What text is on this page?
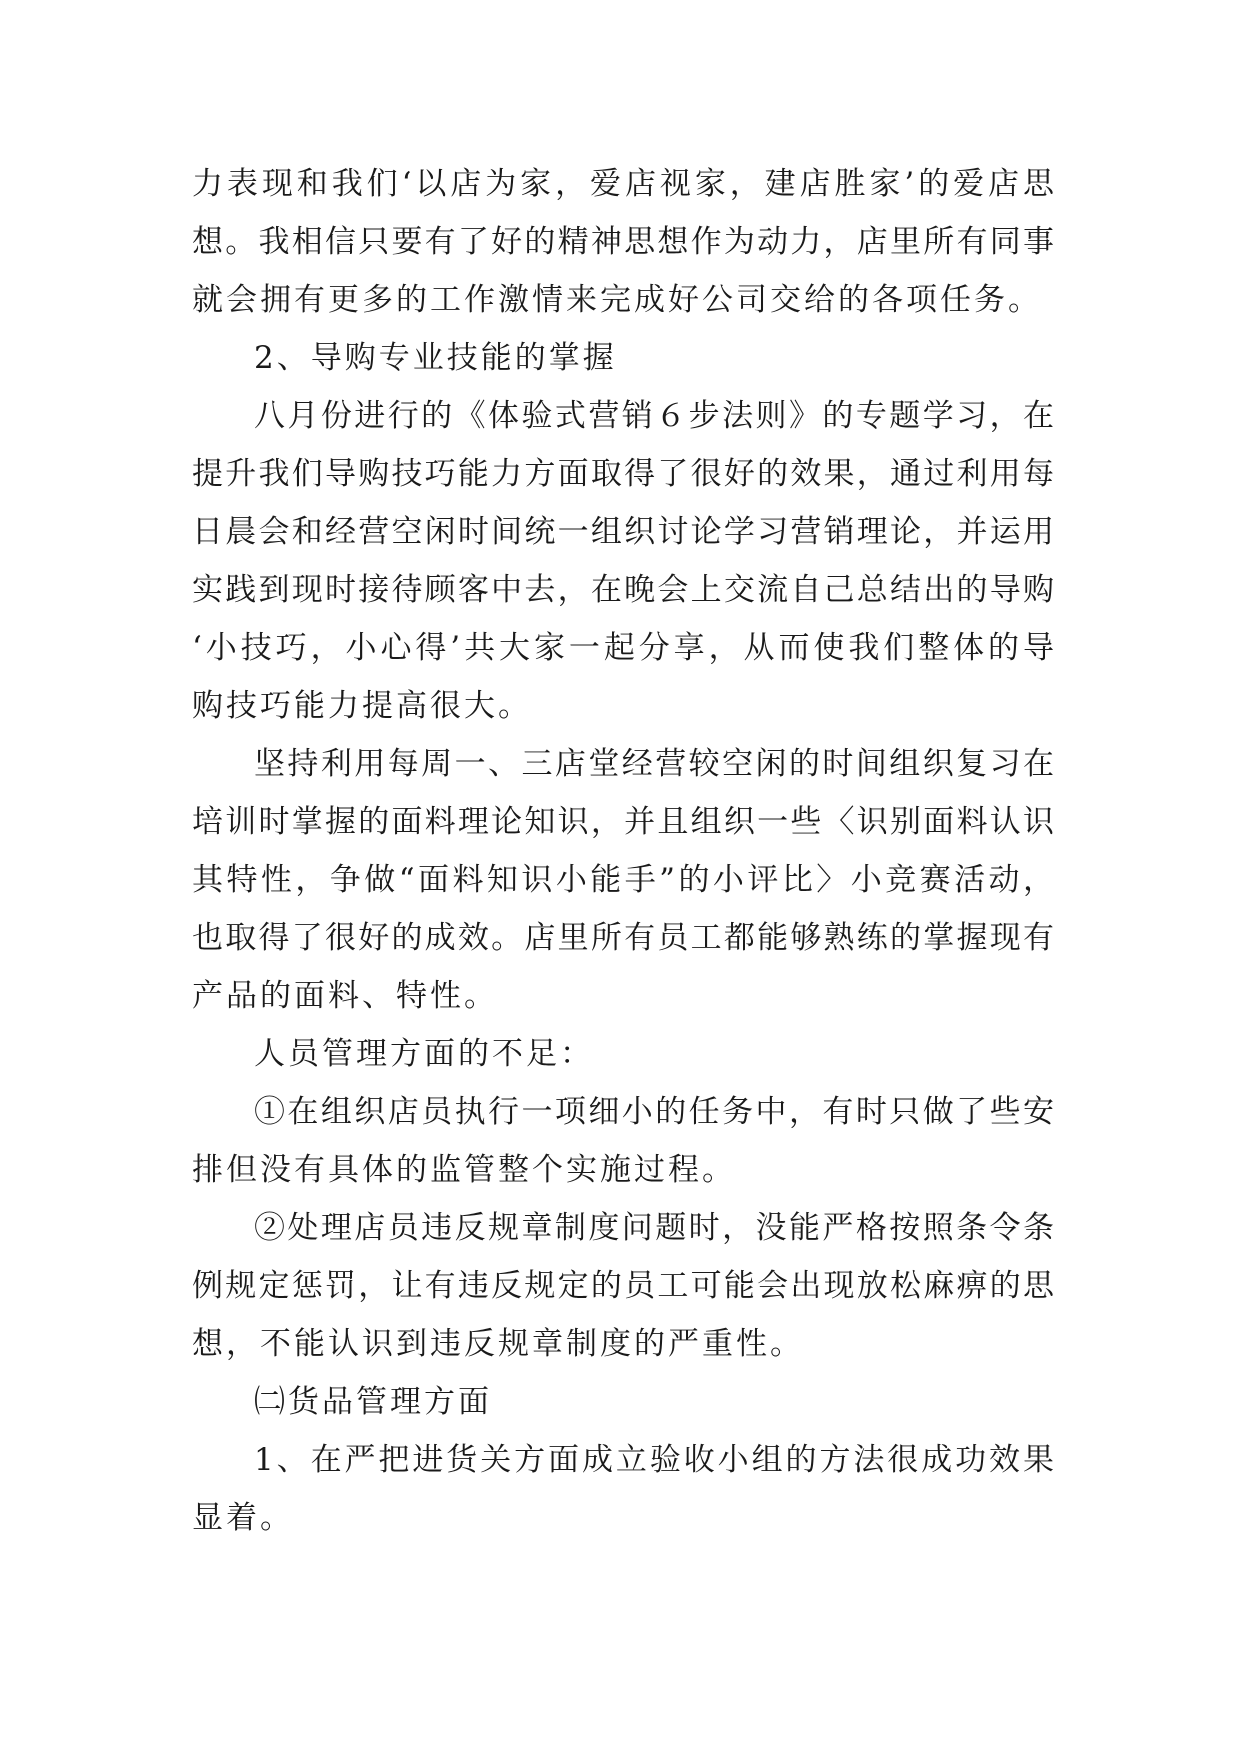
力表现和我们‘以店为家，爱店视家，建店胜家’的爱店思
想。我相信只要有了好的精神思想作为动力，店里所有同事
就会拥有更多的工作激情来完成好公司交给的各项任务。
2、导购专业技能的掌握
八月份进行的《体验式营销６步法则》的专题学习，在
提升我们导购技巧能力方面取得了很好的效果，通过利用每
日晨会和经营空闲时间统一组织讨论学习营销理论，并运用
实践到现时接待顾客中去，在晚会上交流自己总结出的导购
‘小技巧，小心得’共大家一起分享，从而使我们整体的导
购技巧能力提高很大。
坚持利用每周一、三店堂经营较空闲的时间组织复习在
培训时掌握的面料理论知识，并且组织一些〈识别面料认识
其特性，争做“面料知识小能手”的小评比〉小竞赛活动，
也取得了很好的成效。店里所有员工都能够熟练的掌握现有
产品的面料、特性。
人员管理方面的不足：
①在组织店员执行一项细小的任务中，有时只做了些安
排但没有具体的监管整个实施过程。
②处理店员违反规章制度问题时，没能严格按照条令条
例规定惩罚，让有违反规定的员工可能会出现放松麻痹的思
想，不能认识到违反规章制度的严重性。
㈡货品管理方面
1、在严把进货关方面成立验收小组的方法很成功效果
显着。
